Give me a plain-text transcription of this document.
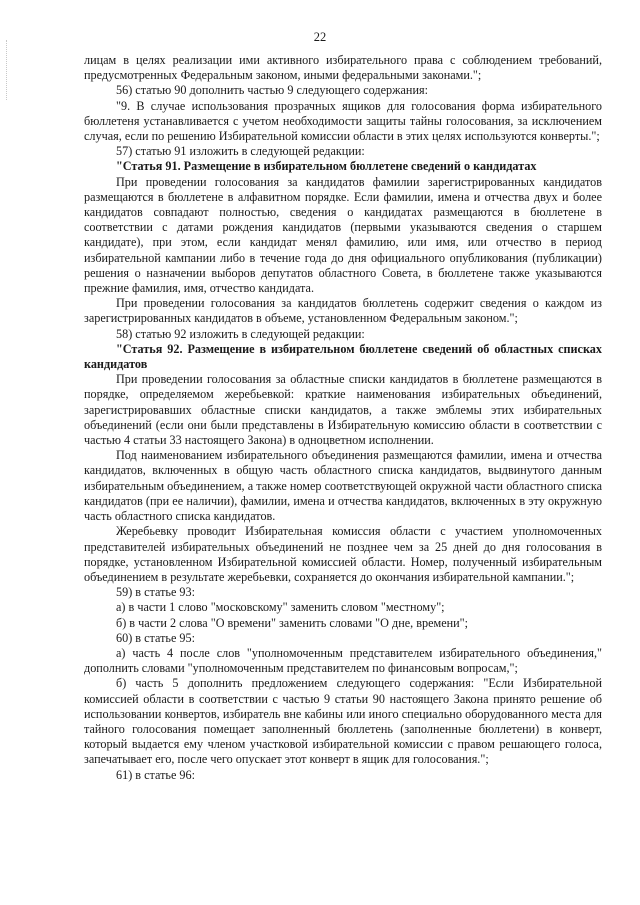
22

лицам в целях реализации ими активного избирательного права с соблюдением требований, предусмотренных Федеральным законом, иными федеральными законами.";

56) статью 90 дополнить частью 9 следующего содержания:

"9. В случае использования прозрачных ящиков для голосования форма избирательного бюллетеня устанавливается с учетом необходимости защиты тайны голосования, за исключением случая, если по решению Избирательной комиссии области в этих целях используются конверты.";

57) статью 91 изложить в следующей редакции:

"Статья 91. Размещение в избирательном бюллетене сведений о кандидатах

При проведении голосования за кандидатов фамилии зарегистрированных кандидатов размещаются в бюллетене в алфавитном порядке. Если фамилии, имена и отчества двух и более кандидатов совпадают полностью, сведения о кандидатах размещаются в бюллетене в соответствии с датами рождения кандидатов (первыми указываются сведения о старшем кандидате), при этом, если кандидат менял фамилию, или имя, или отчество в период избирательной кампании либо в течение года до дня официального опубликования (публикации) решения о назначении выборов депутатов областного Совета, в бюллетене также указываются прежние фамилия, имя, отчество кандидата.

При проведении голосования за кандидатов бюллетень содержит сведения о каждом из зарегистрированных кандидатов в объеме, установленном Федеральным законом.";

58) статью 92 изложить в следующей редакции:

"Статья 92. Размещение в избирательном бюллетене сведений об областных списках кандидатов

При проведении голосования за областные списки кандидатов в бюллетене размещаются в порядке, определяемом жеребьевкой: краткие наименования избирательных объединений, зарегистрировавших областные списки кандидатов, а также эмблемы этих избирательных объединений (если они были представлены в Избирательную комиссию области в соответствии с частью 4 статьи 33 настоящего Закона) в одноцветном исполнении.

Под наименованием избирательного объединения размещаются фамилии, имена и отчества кандидатов, включенных в общую часть областного списка кандидатов, выдвинутого данным избирательным объединением, а также номер соответствующей окружной части областного списка кандидатов (при ее наличии), фамилии, имена и отчества кандидатов, включенных в эту окружную часть областного списка кандидатов.

Жеребьевку проводит Избирательная комиссия области с участием уполномоченных представителей избирательных объединений не позднее чем за 25 дней до дня голосования в порядке, установленном Избирательной комиссией области. Номер, полученный избирательным объединением в результате жеребьевки, сохраняется до окончания избирательной кампании.";

59) в статье 93:

а) в части 1 слово "московскому" заменить словом "местному";

б) в части 2 слова "О времени" заменить словами "О дне, времени";

60) в статье 95:

а) часть 4 после слов "уполномоченным представителем избирательного объединения," дополнить словами "уполномоченным представителем по финансовым вопросам,";

б) часть 5 дополнить предложением следующего содержания: "Если Избирательной комиссией области в соответствии с частью 9 статьи 90 настоящего Закона принято решение об использовании конвертов, избиратель вне кабины или иного специально оборудованного места для тайного голосования помещает заполненный бюллетень (заполненные бюллетени) в конверт, который выдается ему членом участковой избирательной комиссии с правом решающего голоса, запечатывает его, после чего опускает этот конверт в ящик для голосования.";

61) в статье 96:
